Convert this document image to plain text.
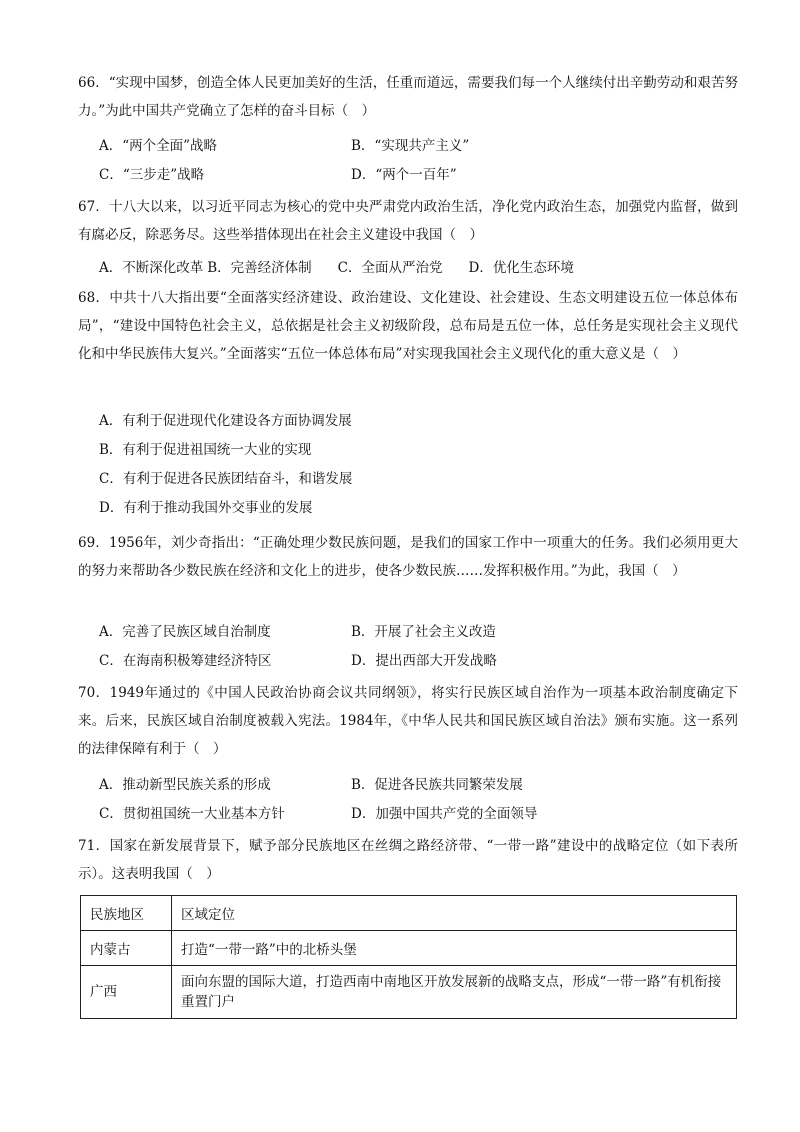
66．“实现中国梦，创造全体人民更加美好的生活，任重而道远，需要我们每一个人继续付出辛勤劳动和艰苦努力。”为此中国共产党确立了怎样的奋斗目标（　）
A．“两个全面”战略	B．“实现共产主义”
C．“三步走”战略	D．“两个一百年”
67．十八大以来，以习近平同志为核心的党中央严肃党内政治生活，净化党内政治生态，加强党内监督，做到有腐必反，除恶务尽。这些举措体现出在社会主义建设中我国（　）
A．不断深化改革 B．完善经济体制 C．全面从严治党 D．优化生态环境
68．中共十八大指出要“全面落实经济建设、政治建设、文化建设、社会建设、生态文明建设五位一体总体布局”，“建设中国特色社会主义，总依据是社会主义初级阶段，总布局是五位一体，总任务是实现社会主义现代化和中华民族伟大复兴。”全面落实“五位一体总体布局”对实现我国社会主义现代化的重大意义是（　）
A．有利于促进现代化建设各方面协调发展
B．有利于促进祖国统一大业的实现
C．有利于促进各民族团结奋斗，和谐发展
D．有利于推动我国外交事业的发展
69．1956年，刘少奇指出：“正确处理少数民族问题，是我们的国家工作中一项重大的任务。我们必须用更大的努力来帮助各少数民族在经济和文化上的进步，使各少数民族……发挥积极作用。”为此，我国（　）
A．完善了民族区域自治制度	B．开展了社会主义改造
C．在海南积极筹建经济特区	D．提出西部大开发战略
70．1949年通过的《中国人民政治协商会议共同纲领》，将实行民族区域自治作为一项基本政治制度确定下来。后来，民族区域自治制度被载入宪法。1984年，《中华人民共和国民族区域自治法》颁布实施。这一系列的法律保障有利于（　）
A．推动新型民族关系的形成	B．促进各民族共同繁荣发展
C．贯彻祖国统一大业基本方针	D．加强中国共产党的全面领导
71．国家在新发展背景下，赋予部分民族地区在丝绸之路经济带、“一带一路”建设中的战略定位（如下表所示）。这表明我国（　）
民族地区	区域定位
内蒙古	打造“一带一路”中的北桥头堡
广西	面向东盟的国际大道，打造西南中南地区开放发展新的战略支点，形成“一带一路”有机衔接重置门户
